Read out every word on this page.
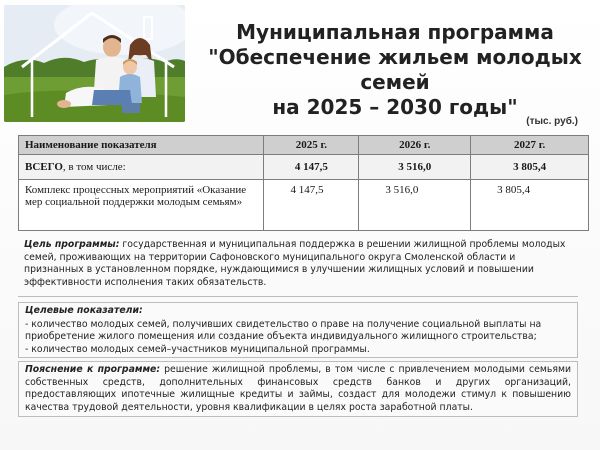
Муниципальная программа
"Обеспечение жильем молодых семей
на 2025 – 2030 годы"
(тыс. руб.)
Наименование показателя	2025 г.	2026 г.	2027 г.
ВСЕГО, в том числе:	4 147,5	3 516,0	3 805,4
Комплекс процессных мероприятий «Оказание мер социальной поддержки молодым семьям»	4 147,5	3 516,0	3 805,4
Цель программы: государственная и муниципальная поддержка в решении жилищной проблемы молодых семей, проживающих на территории Сафоновского муниципального округа Смоленской области и признанных в установленном порядке, нуждающимися в улучшении жилищных условий и повышении эффективности исполнения таких обязательств.
Целевые показатели:
- количество молодых семей, получивших свидетельство о праве на получение социальной выплаты на приобретение жилого помещения или создание объекта индивидуального жилищного строительства;
- количество молодых семей–участников муниципальной программы.
Пояснение к программе: решение жилищной проблемы, в том числе с привлечением молодыми семьями собственных средств, дополнительных финансовых средств банков и других организаций, предоставляющих ипотечные жилищные кредиты и займы, создаст для молодежи стимул к повышению качества трудовой деятельности, уровня квалификации в целях роста заработной платы.
